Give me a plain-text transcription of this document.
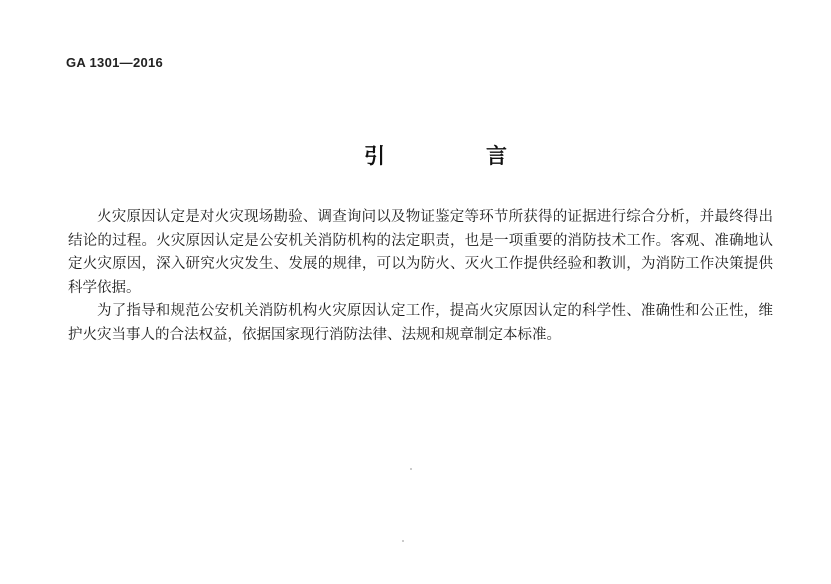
GA 1301—2016
引　言

火灾原因认定是对火灾现场勘验、调查询问以及物证鉴定等环节所获得的证据进行综合分析，并最终得出结论的过程。火灾原因认定是公安机关消防机构的法定职责，也是一项重要的消防技术工作。客观、准确地认定火灾原因，深入研究火灾发生、发展的规律，可以为防火、灭火工作提供经验和教训，为消防工作决策提供科学依据。

为了指导和规范公安机关消防机构火灾原因认定工作，提高火灾原因认定的科学性、准确性和公正性，维护火灾当事人的合法权益，依据国家现行消防法律、法规和规章制定本标准。
